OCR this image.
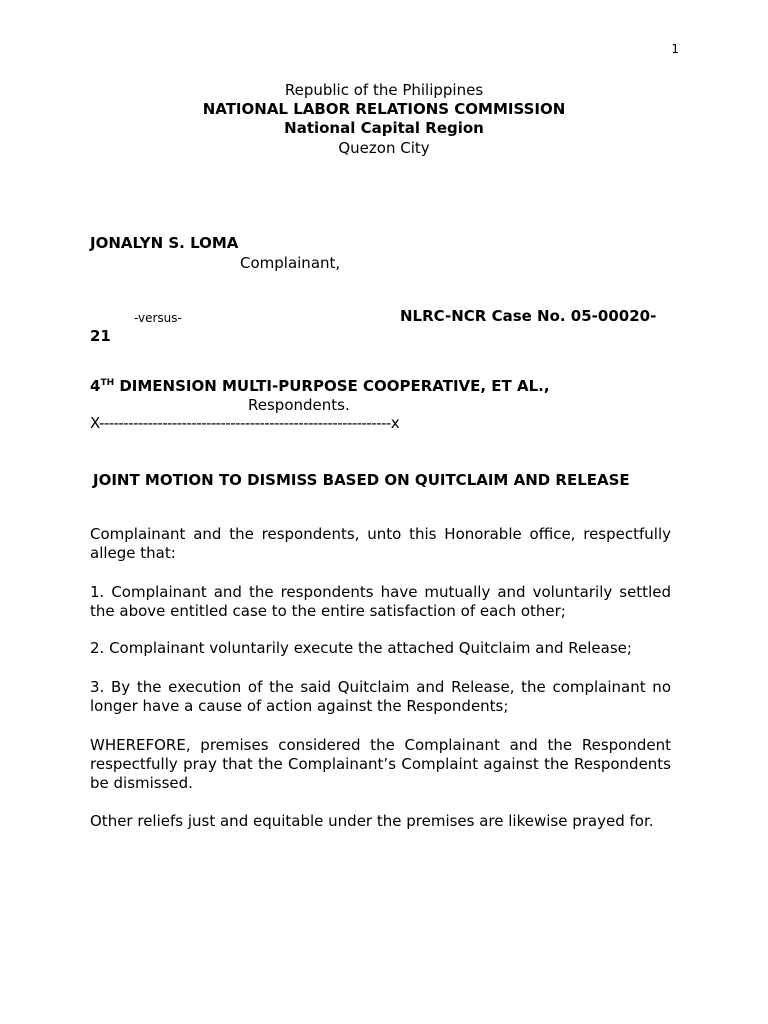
1
Republic of the Philippines
NATIONAL LABOR RELATIONS COMMISSION
National Capital Region
Quezon City
JONALYN S. LOMA
Complainant,
-versus-	NLRC-NCR Case No. 05-00020-
21
4TH DIMENSION MULTI-PURPOSE COOPERATIVE, ET AL.,
Respondents.
X------------------------------------------------------------x
JOINT MOTION TO DISMISS BASED ON QUITCLAIM AND RELEASE
Complainant and the respondents, unto this Honorable office, respectfully allege that:
1. Complainant and the respondents have mutually and voluntarily settled the above entitled case to the entire satisfaction of each other;
2. Complainant voluntarily execute the attached Quitclaim and Release;
3. By the execution of the said Quitclaim and Release, the complainant no longer have a cause of action against the Respondents;
WHEREFORE, premises considered the Complainant and the Respondent respectfully pray that the Complainant’s Complaint against the Respondents be dismissed.
Other reliefs just and equitable under the premises are likewise prayed for.
